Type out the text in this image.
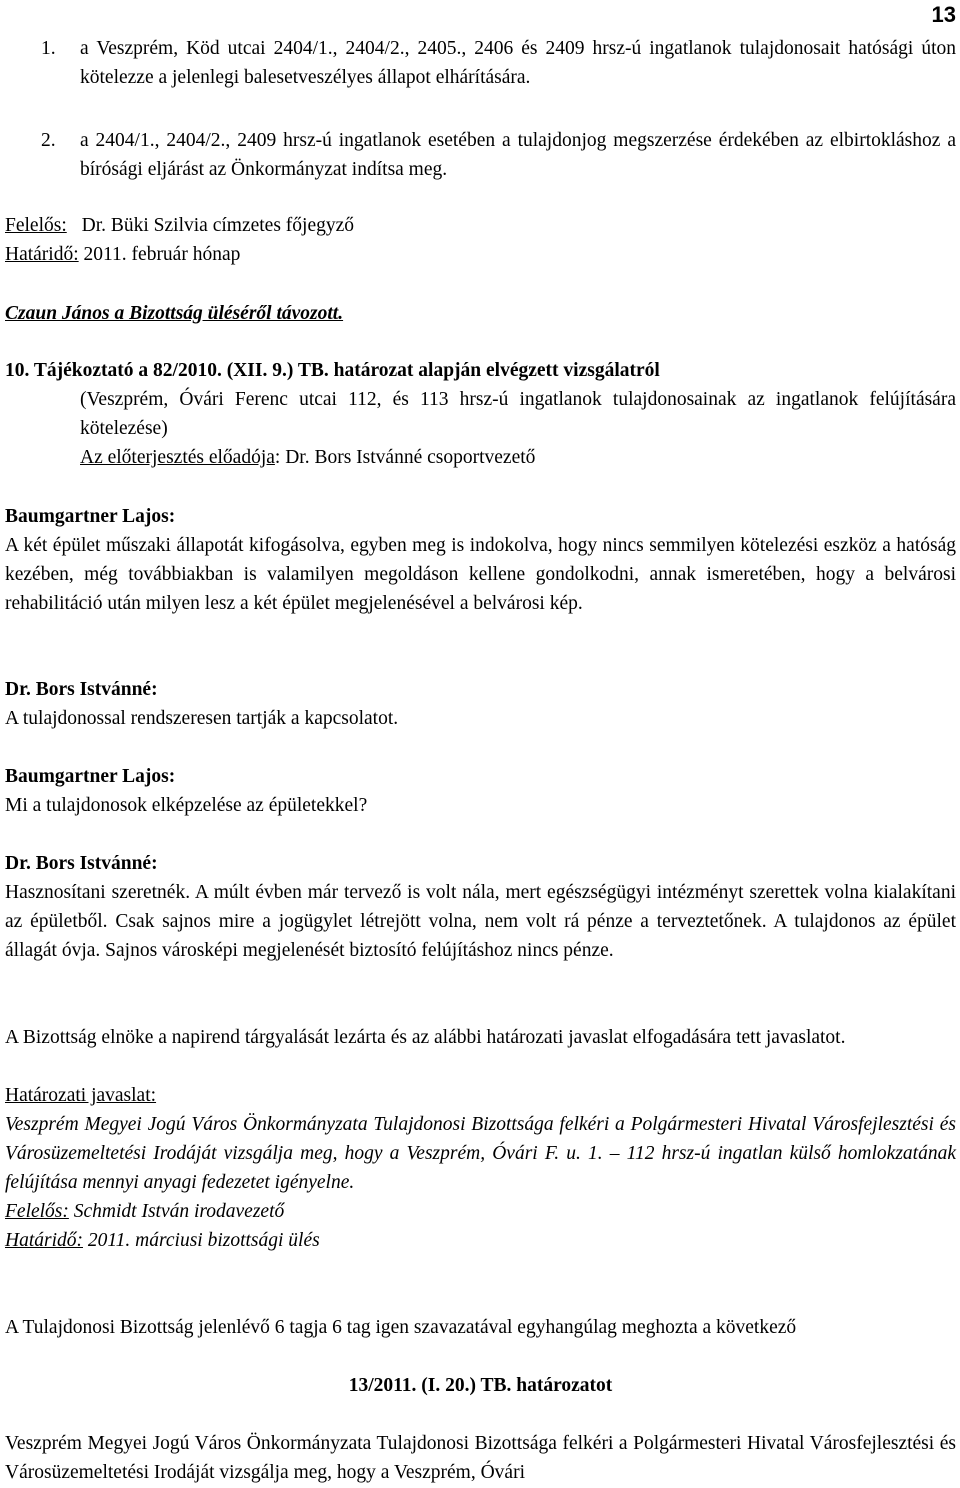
13
1. a Veszprém, Köd utcai 2404/1., 2404/2., 2405., 2406 és 2409 hrsz-ú ingatlanok tulajdonosait hatósági úton kötelezze a jelenlegi balesetveszélyes állapot elhárítására.
2. a 2404/1., 2404/2., 2409 hrsz-ú ingatlanok esetében a tulajdonjog megszerzése érdekében az elbirtokláshoz a bírósági eljárást az Önkormányzat indítsa meg.
Felelős: Dr. Büki Szilvia címzetes főjegyző
Határidő: 2011. február hónap
Czaun János a Bizottság üléséről távozott.
10. Tájékoztató a 82/2010. (XII. 9.) TB. határozat alapján elvégzett vizsgálatról
(Veszprém, Óvári Ferenc utcai 112, és 113 hrsz-ú ingatlanok tulajdonosainak az ingatlanok felújítására kötelezése)
Az előterjesztés előadója: Dr. Bors Istvánné csoportvezető
Baumgartner Lajos:
A két épület műszaki állapotát kifogásolva, egyben meg is indokolva, hogy nincs semmilyen kötelezési eszköz a hatóság kezében, még továbbiakban is valamilyen megoldáson kellene gondolkodni, annak ismeretében, hogy a belvárosi rehabilitáció után milyen lesz a két épület megjelenésével a belvárosi kép.
Dr. Bors Istvánné:
A tulajdonossal rendszeresen tartják a kapcsolatot.
Baumgartner Lajos:
Mi a tulajdonosok elképzelése az épületekkel?
Dr. Bors Istvánné:
Hasznosítani szeretnék. A múlt évben már tervező is volt nála, mert egészségügyi intézményt szerettek volna kialakítani az épületből. Csak sajnos mire a jogügylet létrejött volna, nem volt rá pénze a terveztetőnek. A tulajdonos az épület állagát óvja. Sajnos városképi megjelenését biztosító felújításhoz nincs pénze.
A Bizottság elnöke a napirend tárgyalását lezárta és az alábbi határozati javaslat elfogadására tett javaslatot.
Határozati javaslat:
Veszprém Megyei Jogú Város Önkormányzata Tulajdonosi Bizottsága felkéri a Polgármesteri Hivatal Városfejlesztési és Városüzemeltetési Irodáját vizsgálja meg, hogy a Veszprém, Óvári F. u. 1. – 112 hrsz-ú ingatlan külső homlokzatának felújítása mennyi anyagi fedezetet igényelne.
Felelős: Schmidt István irodavezető
Határidő: 2011. márciusi bizottsági ülés
A Tulajdonosi Bizottság jelenlévő 6 tagja 6 tag igen szavazatával egyhangúlag meghozta a következő
13/2011. (I. 20.) TB. határozatot
Veszprém Megyei Jogú Város Önkormányzata Tulajdonosi Bizottsága felkéri a Polgármesteri Hivatal Városfejlesztési és Városüzemeltetési Irodáját vizsgálja meg, hogy a Veszprém, Óvári
